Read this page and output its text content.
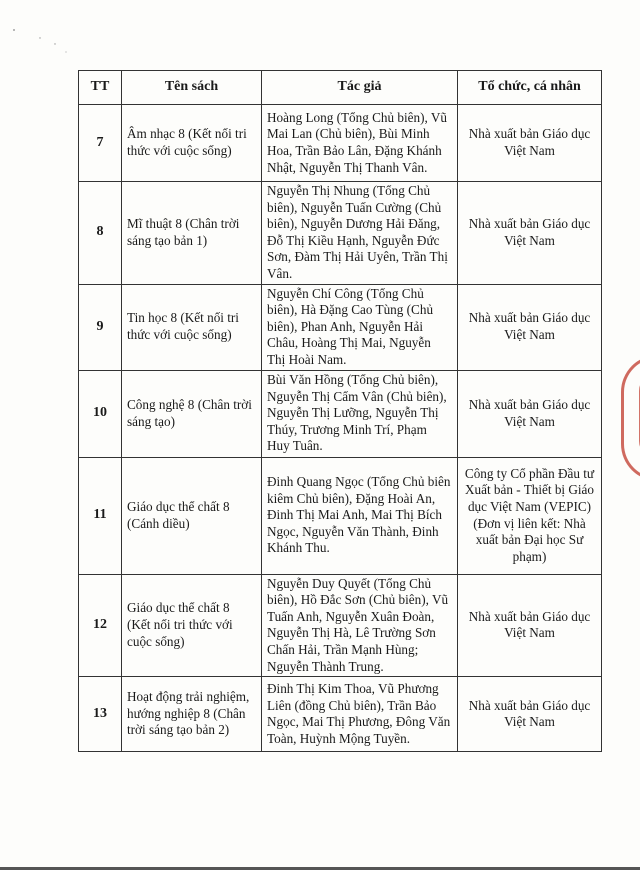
TT	Tên sách	Tác giả	Tổ chức, cá nhân
7	Âm nhạc 8 (Kết nối tri thức với cuộc sống)	Hoàng Long (Tổng Chủ biên), Vũ Mai Lan (Chủ biên), Bùi Minh Hoa, Trần Bảo Lân, Đặng Khánh Nhật, Nguyễn Thị Thanh Vân.	Nhà xuất bản Giáo dục Việt Nam
8	Mĩ thuật 8 (Chân trời sáng tạo bản 1)	Nguyễn Thị Nhung (Tổng Chủ biên), Nguyễn Tuấn Cường (Chủ biên), Nguyễn Dương Hải Đăng, Đỗ Thị Kiều Hạnh, Nguyễn Đức Sơn, Đàm Thị Hải Uyên, Trần Thị Vân.	Nhà xuất bản Giáo dục Việt Nam
9	Tin học 8 (Kết nối tri thức với cuộc sống)	Nguyễn Chí Công (Tổng Chủ biên), Hà Đặng Cao Tùng (Chủ biên), Phan Anh, Nguyễn Hải Châu, Hoàng Thị Mai, Nguyễn Thị Hoài Nam.	Nhà xuất bản Giáo dục Việt Nam
10	Công nghệ 8 (Chân trời sáng tạo)	Bùi Văn Hồng (Tổng Chủ biên), Nguyễn Thị Cẩm Vân (Chủ biên), Nguyễn Thị Lưỡng, Nguyễn Thị Thúy, Trương Minh Trí, Phạm Huy Tuân.	Nhà xuất bản Giáo dục Việt Nam
11	Giáo dục thể chất 8 (Cánh diều)	Đinh Quang Ngọc (Tổng Chủ biên kiêm Chủ biên), Đặng Hoài An, Đinh Thị Mai Anh, Mai Thị Bích Ngọc, Nguyễn Văn Thành, Đinh Khánh Thu.	Công ty Cổ phần Đầu tư Xuất bản - Thiết bị Giáo dục Việt Nam (VEPIC) (Đơn vị liên kết: Nhà xuất bản Đại học Sư phạm)
12	Giáo dục thể chất 8 (Kết nối tri thức với cuộc sống)	Nguyễn Duy Quyết (Tổng Chủ biên), Hồ Đắc Sơn (Chủ biên), Vũ Tuấn Anh, Nguyễn Xuân Đoàn, Nguyễn Thị Hà, Lê Trường Sơn Chấn Hải, Trần Mạnh Hùng; Nguyễn Thành Trung.	Nhà xuất bản Giáo dục Việt Nam
13	Hoạt động trải nghiệm, hướng nghiệp 8 (Chân trời sáng tạo bản 2)	Đinh Thị Kim Thoa, Vũ Phương Liên (đồng Chủ biên), Trần Bảo Ngọc, Mai Thị Phương, Đông Văn Toàn, Huỳnh Mộng Tuyền.	Nhà xuất bản Giáo dục Việt Nam
